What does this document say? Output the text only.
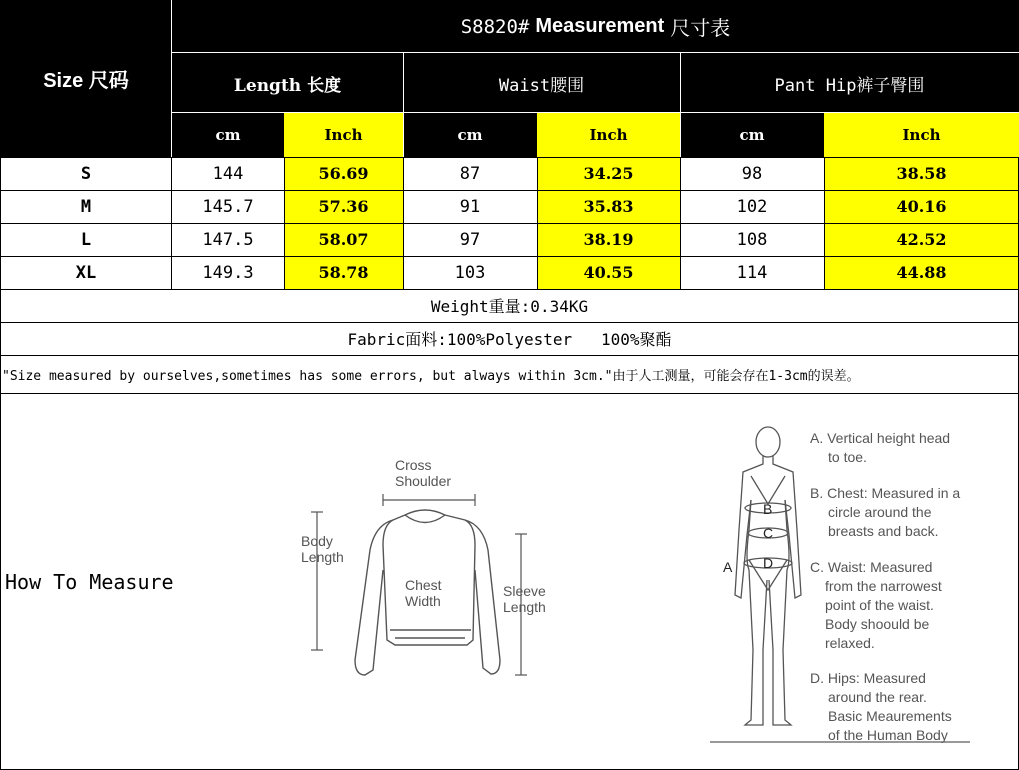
Size 尺码
S8820# Measurement 尺寸表
Length 长度	Waist腰围	Pant Hip裤子臀围
cm	Inch	cm	Inch	cm	Inch
S	144	56.69	87	34.25	98	38.58
M	145.7	57.36	91	35.83	102	40.16
L	147.5	58.07	97	38.19	108	42.52
XL	149.3	58.78	103	40.55	114	44.88
Weight重量:0.34KG
Fabric面料:100%Polyester   100%聚酯
"Size measured by ourselves,sometimes has some errors, but always within 3cm."由于人工测量，可能会存在1-3cm的误差。
How To Measure
Cross
Shoulder
Body
Length
Chest
Width
Sleeve
Length
A
B
C
D
A. Vertical height head
to toe.
B. Chest: Measured in a
circle around the
breasts and back.
C. Waist: Measured
from the narrowest
point of the waist.
Body shoould be
relaxed.
D. Hips: Measured
around the rear.
Basic Meaurements
of the Human Body
